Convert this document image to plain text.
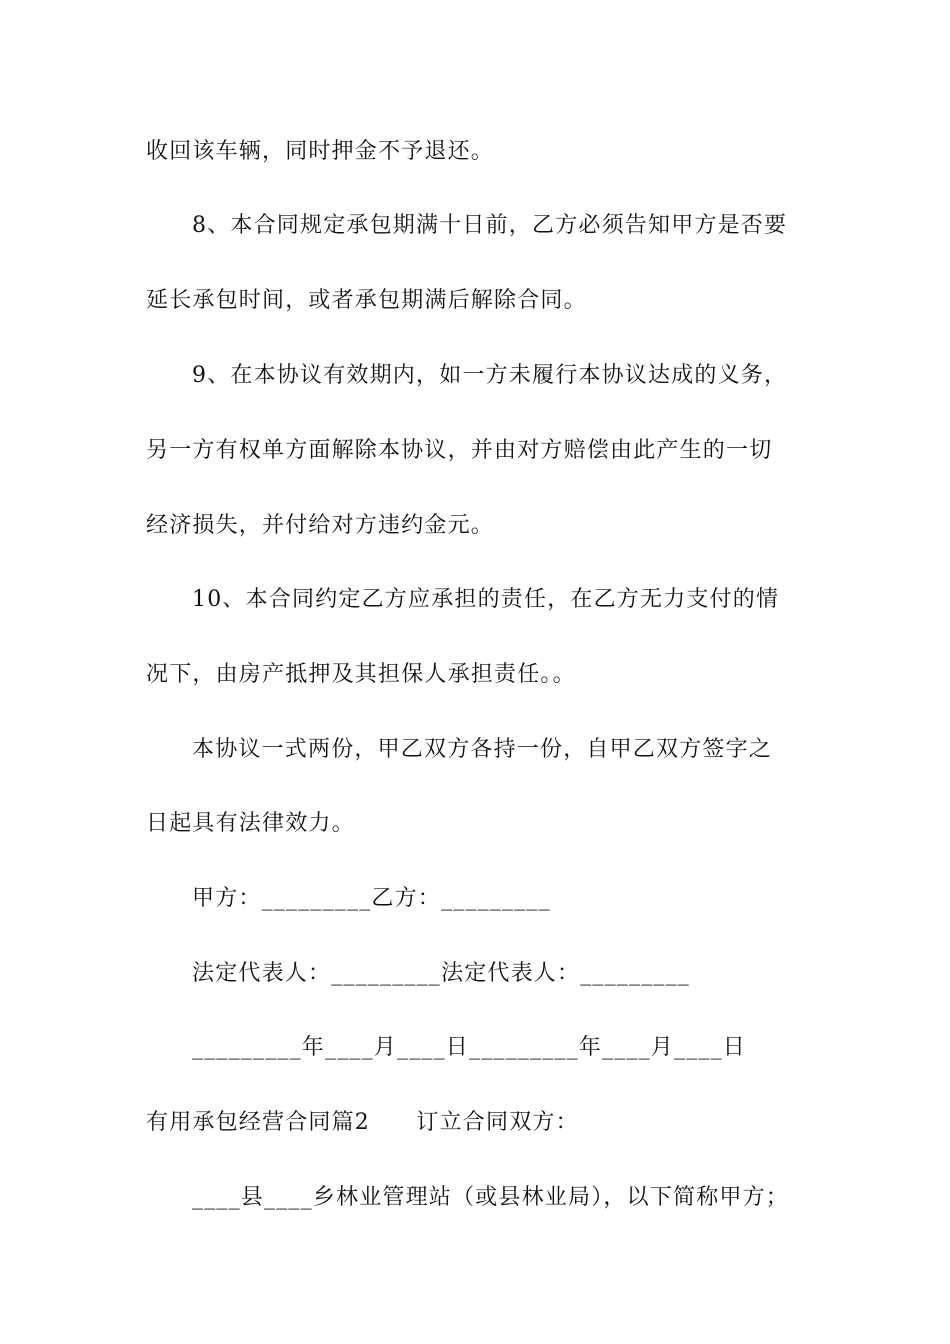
收回该车辆，同时押金不予退还。
8、本合同规定承包期满十日前，乙方必须告知甲方是否要
延长承包时间，或者承包期满后解除合同。
9、在本协议有效期内，如一方未履行本协议达成的义务，
另一方有权单方面解除本协议，并由对方赔偿由此产生的一切
经济损失，并付给对方违约金元。
10、本合同约定乙方应承担的责任，在乙方无力支付的情
况下，由房产抵押及其担保人承担责任。。
本协议一式两份，甲乙双方各持一份，自甲乙双方签字之
日起具有法律效力。
甲方：_________乙方：_________
法定代表人：_________法定代表人：_________
_________年____月____日_________年____月____日
有用承包经营合同篇2　　订立合同双方：
____县____乡林业管理站（或县林业局），以下简称甲方；
